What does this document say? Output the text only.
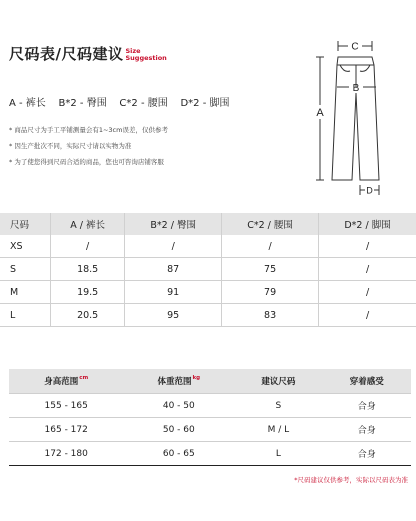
尺码表/尺码建议 Size
Suggestion
A - 裤长    B*2 - 臀围    C*2 - 腰围    D*2 - 脚围
* 商品尺寸为手工平铺测量会有1~3cm误差，仅供参考
* 因生产批次不同，实际尺寸请以实物为准
* 为了使您得到尺码合适的商品，您也可咨询店铺客服
C
B
A
D
尺码	A / 裤长	B*2 / 臀围	C*2 / 腰围	D*2 / 脚围
XS	/	/	/	/
S	18.5	87	75	/
M	19.5	91	79	/
L	20.5	95	83	/
身高范围$^{cm}$	体重范围$^{kg}$	建议尺码	穿着感受
155 - 165	40 - 50	S	合身
165 - 172	50 - 60	M / L	合身
172 - 180	60 - 65	L	合身
*尺码建议仅供参考，实际以尺码表为准
